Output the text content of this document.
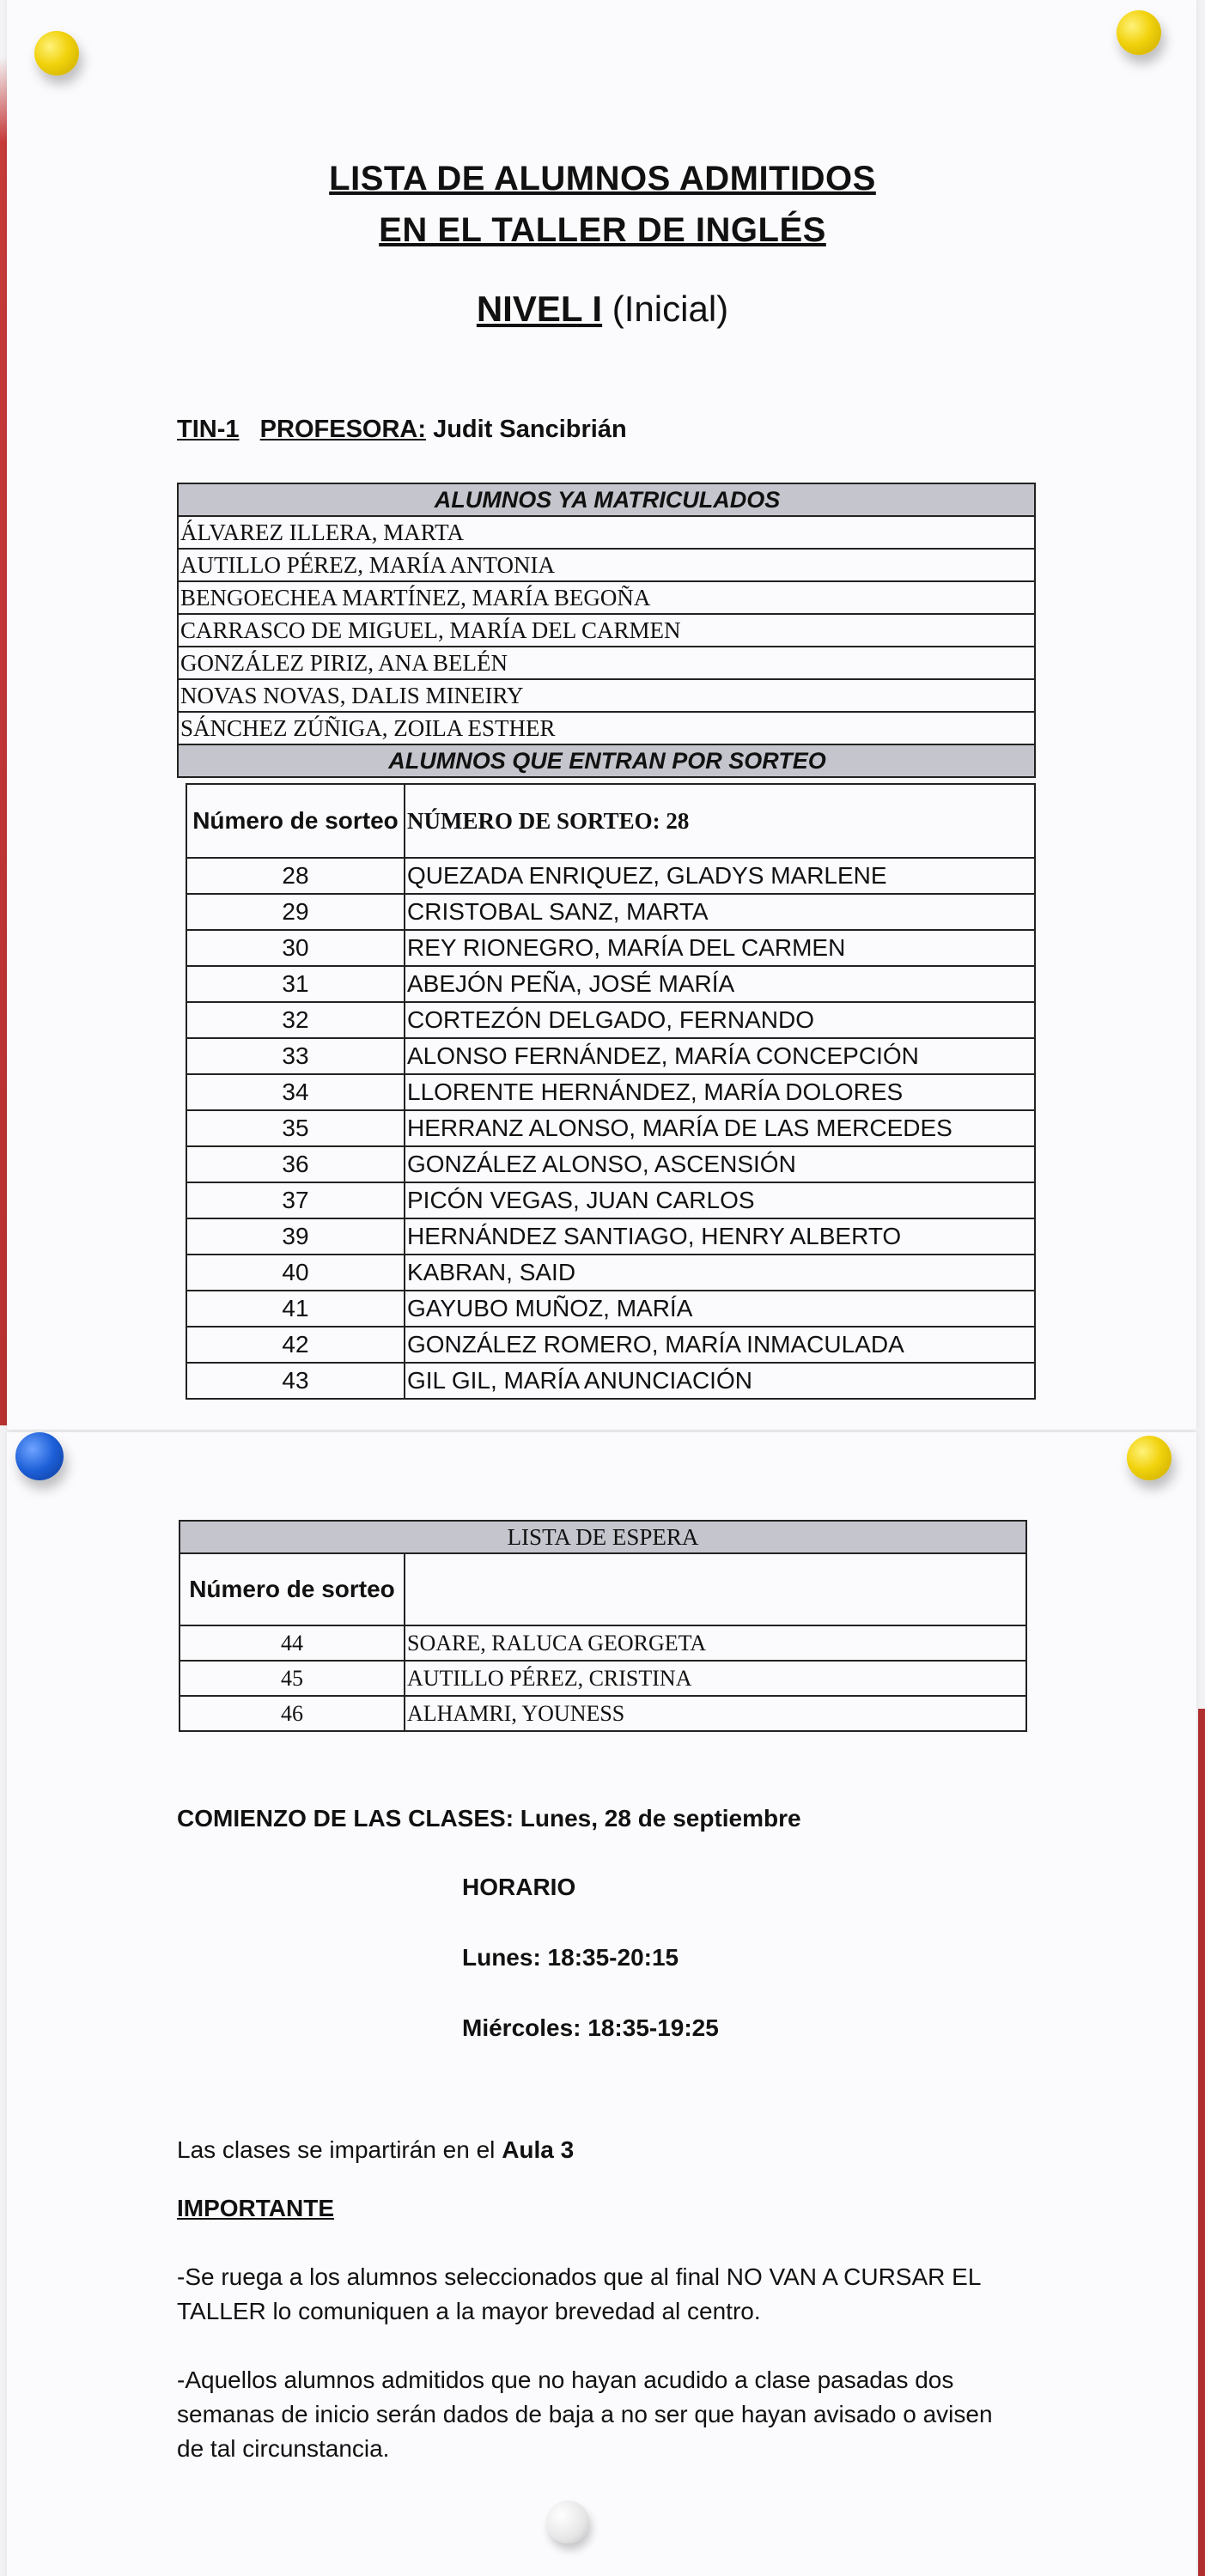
LISTA DE ALUMNOS ADMITIDOS
EN EL TALLER DE INGLÉS
NIVEL I (Inicial)
TIN-1 PROFESORA: Judit Sancibrián
ALUMNOS YA MATRICULADOS
ÁLVAREZ ILLERA, MARTA
AUTILLO PÉREZ, MARÍA ANTONIA
BENGOECHEA MARTÍNEZ, MARÍA BEGOÑA
CARRASCO DE MIGUEL, MARÍA DEL CARMEN
GONZÁLEZ PIRIZ, ANA BELÉN
NOVAS NOVAS, DALIS MINEIRY
SÁNCHEZ ZÚÑIGA, ZOILA ESTHER
ALUMNOS QUE ENTRAN POR SORTEO
Número de sorteo	NÚMERO DE SORTEO: 28
28	QUEZADA ENRIQUEZ, GLADYS MARLENE
29	CRISTOBAL SANZ, MARTA
30	REY RIONEGRO, MARÍA DEL CARMEN
31	ABEJÓN PEÑA, JOSÉ MARÍA
32	CORTEZÓN DELGADO, FERNANDO
33	ALONSO FERNÁNDEZ, MARÍA CONCEPCIÓN
34	LLORENTE HERNÁNDEZ, MARÍA DOLORES
35	HERRANZ ALONSO, MARÍA DE LAS MERCEDES
36	GONZÁLEZ ALONSO, ASCENSIÓN
37	PICÓN VEGAS, JUAN CARLOS
39	HERNÁNDEZ SANTIAGO, HENRY ALBERTO
40	KABRAN, SAID
41	GAYUBO MUÑOZ, MARÍA
42	GONZÁLEZ ROMERO, MARÍA INMACULADA
43	GIL GIL, MARÍA ANUNCIACIÓN
LISTA DE ESPERA	
Número de sorteo	
44	SOARE, RALUCA GEORGETA
45	AUTILLO PÉREZ, CRISTINA
46	ALHAMRI, YOUNESS
COMIENZO DE LAS CLASES: Lunes, 28 de septiembre
HORARIO
Lunes: 18:35-20:15
Miércoles: 18:35-19:25
Las clases se impartirán en el Aula 3
IMPORTANTE
-Se ruega a los alumnos seleccionados que al final NO VAN A CURSAR EL
TALLER lo comuniquen a la mayor brevedad al centro.
-Aquellos alumnos admitidos que no hayan acudido a clase pasadas dos
semanas de inicio serán dados de baja a no ser que hayan avisado o avisen
de tal circunstancia.
